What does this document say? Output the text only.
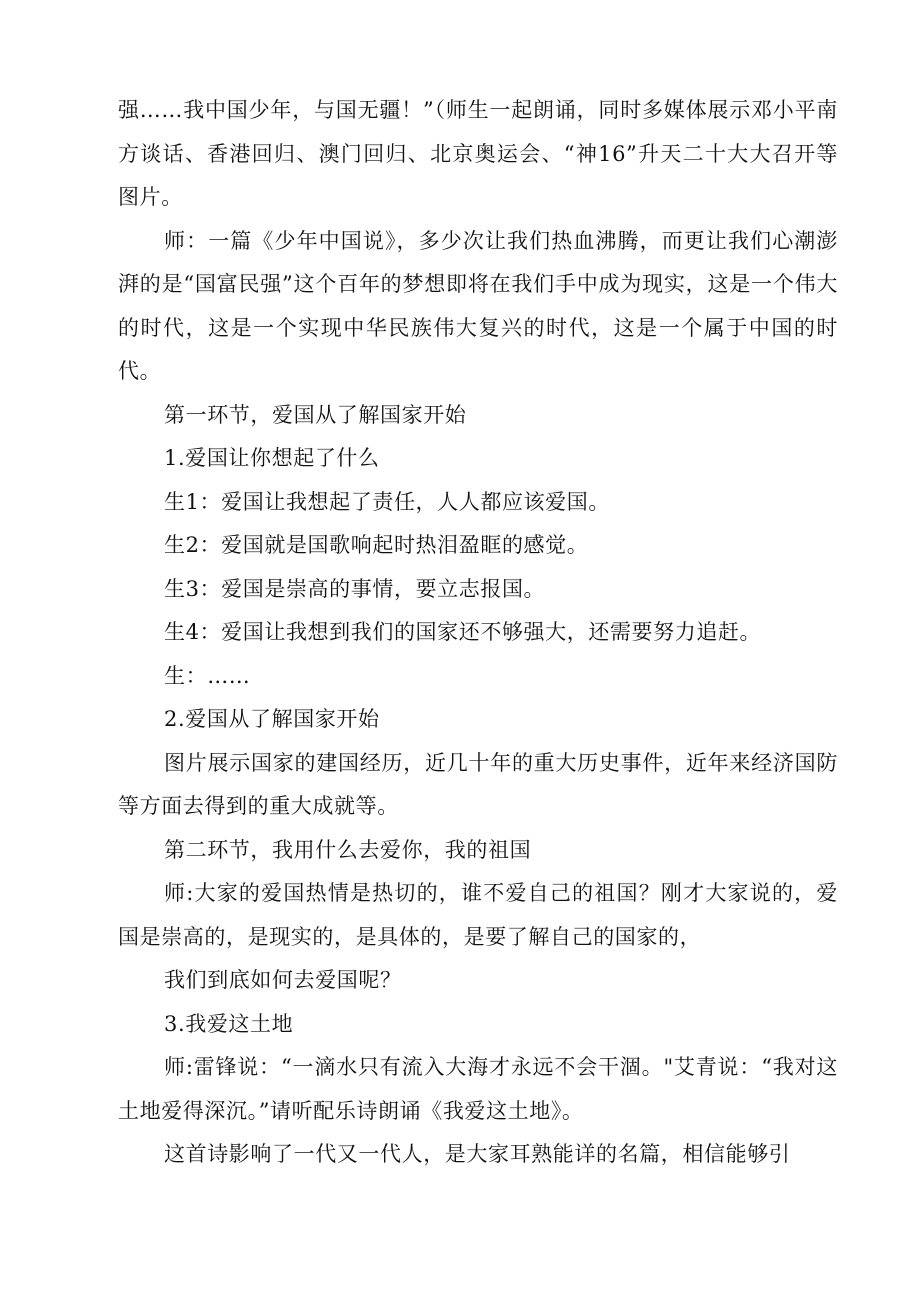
强……我中国少年，与国无疆！”（师生一起朗诵，同时多媒体展示邓小平南方谈话、香港回归、澳门回归、北京奥运会、“神16”升天二十大大召开等图片。

师：一篇《少年中国说》，多少次让我们热血沸腾，而更让我们心潮澎湃的是“国富民强”这个百年的梦想即将在我们手中成为现实，这是一个伟大的时代，这是一个实现中华民族伟大复兴的时代，这是一个属于中国的时代。

第一环节，爱国从了解国家开始

1.爱国让你想起了什么

生1：爱国让我想起了责任，人人都应该爱国。

生2：爱国就是国歌响起时热泪盈眶的感觉。

生3：爱国是崇高的事情，要立志报国。

生4：爱国让我想到我们的国家还不够强大，还需要努力追赶。

生：……

2.爱国从了解国家开始

图片展示国家的建国经历，近几十年的重大历史事件，近年来经济国防等方面去得到的重大成就等。

第二环节，我用什么去爱你，我的祖国

师:大家的爱国热情是热切的，谁不爱自己的祖国？刚才大家说的，爱国是崇高的，是现实的，是具体的，是要了解自己的国家的，

我们到底如何去爱国呢？

3.我爱这土地

师:雷锋说：“一滴水只有流入大海才永远不会干涸。"艾青说：“我对这土地爱得深沉。”请听配乐诗朗诵《我爱这土地》。

这首诗影响了一代又一代人，是大家耳熟能详的名篇，相信能够引
